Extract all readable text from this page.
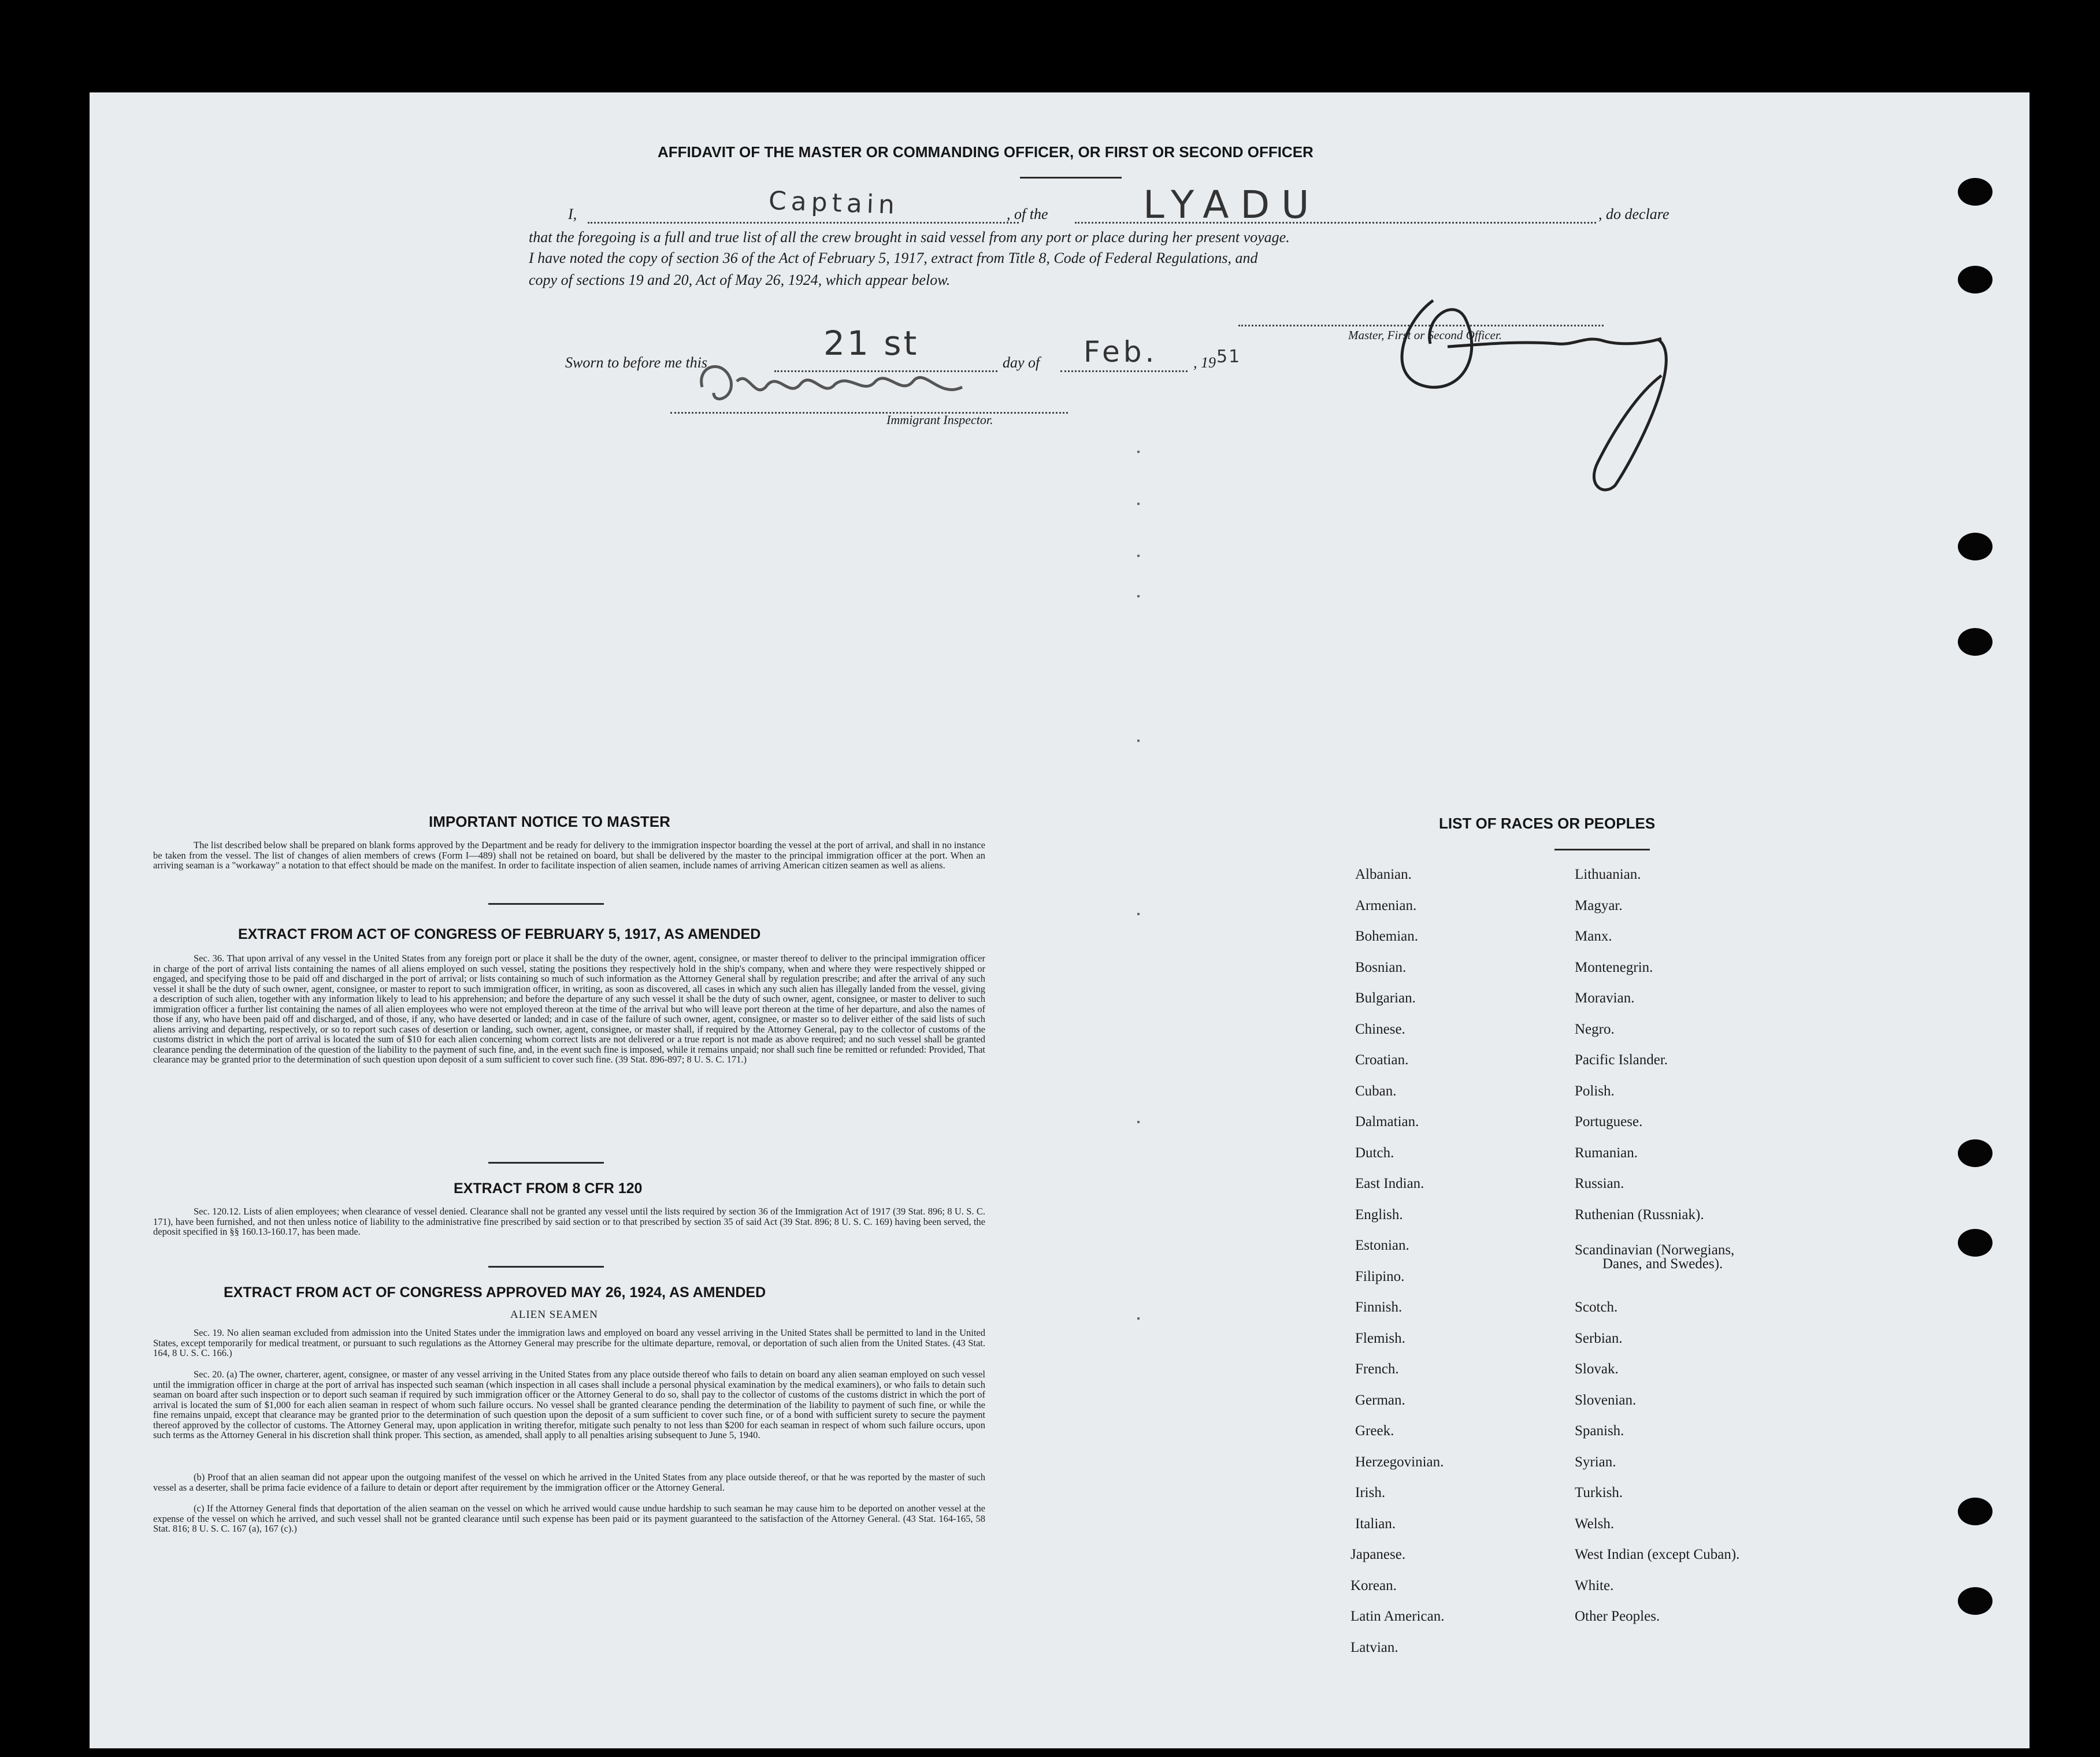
AFFIDAVIT OF THE MASTER OR COMMANDING OFFICER, OR FIRST OR SECOND OFFICER
I,	, of the	, do declare
Captain	LYADU
that the foregoing is a full and true list of all the crew brought in said vessel from any port or place during her present voyage.
I have noted the copy of section 36 of the Act of February 5, 1917, extract from Title 8, Code of Federal Regulations, and
copy of sections 19 and 20, Act of May 26, 1924, which appear below.
Master, First or Second Officer.
Sworn to before me this	day of	, 19
21 st	Feb.	51
Immigrant Inspector.
IMPORTANT NOTICE TO MASTER
The list described below shall be prepared on blank forms approved by the Department and be ready for delivery to the immigration inspector boarding the vessel at the port of arrival, and shall in no instance be taken from the vessel. The list of changes of alien members of crews (Form I—489) shall not be retained on board, but shall be delivered by the master to the principal immigration officer at the port. When an arriving seaman is a "workaway" a notation to that effect should be made on the manifest. In order to facilitate inspection of alien seamen, include names of arriving American citizen seamen as well as aliens.
EXTRACT FROM ACT OF CONGRESS OF FEBRUARY 5, 1917, AS AMENDED
Sec. 36. That upon arrival of any vessel in the United States from any foreign port or place it shall be the duty of the owner, agent, consignee, or master thereof to deliver to the principal immigration officer in charge of the port of arrival lists containing the names of all aliens employed on such vessel, stating the positions they respectively hold in the ship's company, when and where they were respectively shipped or engaged, and specifying those to be paid off and discharged in the port of arrival; or lists containing so much of such information as the Attorney General shall by regulation prescribe; and after the arrival of any such vessel it shall be the duty of such owner, agent, consignee, or master to report to such immigration officer, in writing, as soon as discovered, all cases in which any such alien has illegally landed from the vessel, giving a description of such alien, together with any information likely to lead to his apprehension; and before the departure of any such vessel it shall be the duty of such owner, agent, consignee, or master to deliver to such immigration officer a further list containing the names of all alien employees who were not employed thereon at the time of the arrival but who will leave port thereon at the time of her departure, and also the names of those if any, who have been paid off and discharged, and of those, if any, who have deserted or landed; and in case of the failure of such owner, agent, consignee, or master so to deliver either of the said lists of such aliens arriving and departing, respectively, or so to report such cases of desertion or landing, such owner, agent, consignee, or master shall, if required by the Attorney General, pay to the collector of customs of the customs district in which the port of arrival is located the sum of $10 for each alien concerning whom correct lists are not delivered or a true report is not made as above required; and no such vessel shall be granted clearance pending the determination of the question of the liability to the payment of such fine, and, in the event such fine is imposed, while it remains unpaid; nor shall such fine be remitted or refunded: Provided, That clearance may be granted prior to the determination of such question upon deposit of a sum sufficient to cover such fine. (39 Stat. 896-897; 8 U. S. C. 171.)
EXTRACT FROM 8 CFR 120
Sec. 120.12. Lists of alien employees; when clearance of vessel denied. Clearance shall not be granted any vessel until the lists required by section 36 of the Immigration Act of 1917 (39 Stat. 896; 8 U. S. C. 171), have been furnished, and not then unless notice of liability to the administrative fine prescribed by said section or to that prescribed by section 35 of said Act (39 Stat. 896; 8 U. S. C. 169) having been served, the deposit specified in §§ 160.13-160.17, has been made.
EXTRACT FROM ACT OF CONGRESS APPROVED MAY 26, 1924, AS AMENDED
ALIEN SEAMEN
Sec. 19. No alien seaman excluded from admission into the United States under the immigration laws and employed on board any vessel arriving in the United States shall be permitted to land in the United States, except temporarily for medical treatment, or pursuant to such regulations as the Attorney General may prescribe for the ultimate departure, removal, or deportation of such alien from the United States. (43 Stat. 164, 8 U. S. C. 166.)
Sec. 20. (a) The owner, charterer, agent, consignee, or master of any vessel arriving in the United States from any place outside thereof who fails to detain on board any alien seaman employed on such vessel until the immigration officer in charge at the port of arrival has inspected such seaman (which inspection in all cases shall include a personal physical examination by the medical examiners), or who fails to detain such seaman on board after such inspection or to deport such seaman if required by such immigration officer or the Attorney General to do so, shall pay to the collector of customs of the customs district in which the port of arrival is located the sum of $1,000 for each alien seaman in respect of whom such failure occurs. No vessel shall be granted clearance pending the determination of the liability to payment of such fine, or while the fine remains unpaid, except that clearance may be granted prior to the determination of such question upon the deposit of a sum sufficient to cover such fine, or of a bond with sufficient surety to secure the payment thereof approved by the collector of customs. The Attorney General may, upon application in writing therefor, mitigate such penalty to not less than $200 for each seaman in respect of whom such failure occurs, upon such terms as the Attorney General in his discretion shall think proper. This section, as amended, shall apply to all penalties arising subsequent to June 5, 1940.
(b) Proof that an alien seaman did not appear upon the outgoing manifest of the vessel on which he arrived in the United States from any place outside thereof, or that he was reported by the master of such vessel as a deserter, shall be prima facie evidence of a failure to detain or deport after requirement by the immigration officer or the Attorney General.
(c) If the Attorney General finds that deportation of the alien seaman on the vessel on which he arrived would cause undue hardship to such seaman he may cause him to be deported on another vessel at the expense of the vessel on which he arrived, and such vessel shall not be granted clearance until such expense has been paid or its payment guaranteed to the satisfaction of the Attorney General. (43 Stat. 164-165, 58 Stat. 816; 8 U. S. C. 167 (a), 167 (c).)
LIST OF RACES OR PEOPLES
Albanian.
Armenian.
Bohemian.
Bosnian.
Bulgarian.
Chinese.
Croatian.
Cuban.
Dalmatian.
Dutch.
East Indian.
English.
Estonian.
Filipino.
Finnish.
Flemish.
French.
German.
Greek.
Herzegovinian.
Irish.
Italian.
Japanese.
Korean.
Latin American.
Latvian.
Lithuanian.
Magyar.
Manx.
Montenegrin.
Moravian.
Negro.
Pacific Islander.
Polish.
Portuguese.
Rumanian.
Russian.
Ruthenian (Russniak).
Scandinavian (Norwegians,
Danes, and Swedes).
Scotch.
Serbian.
Slovak.
Slovenian.
Spanish.
Syrian.
Turkish.
Welsh.
West Indian (except Cuban).
White.
Other Peoples.
